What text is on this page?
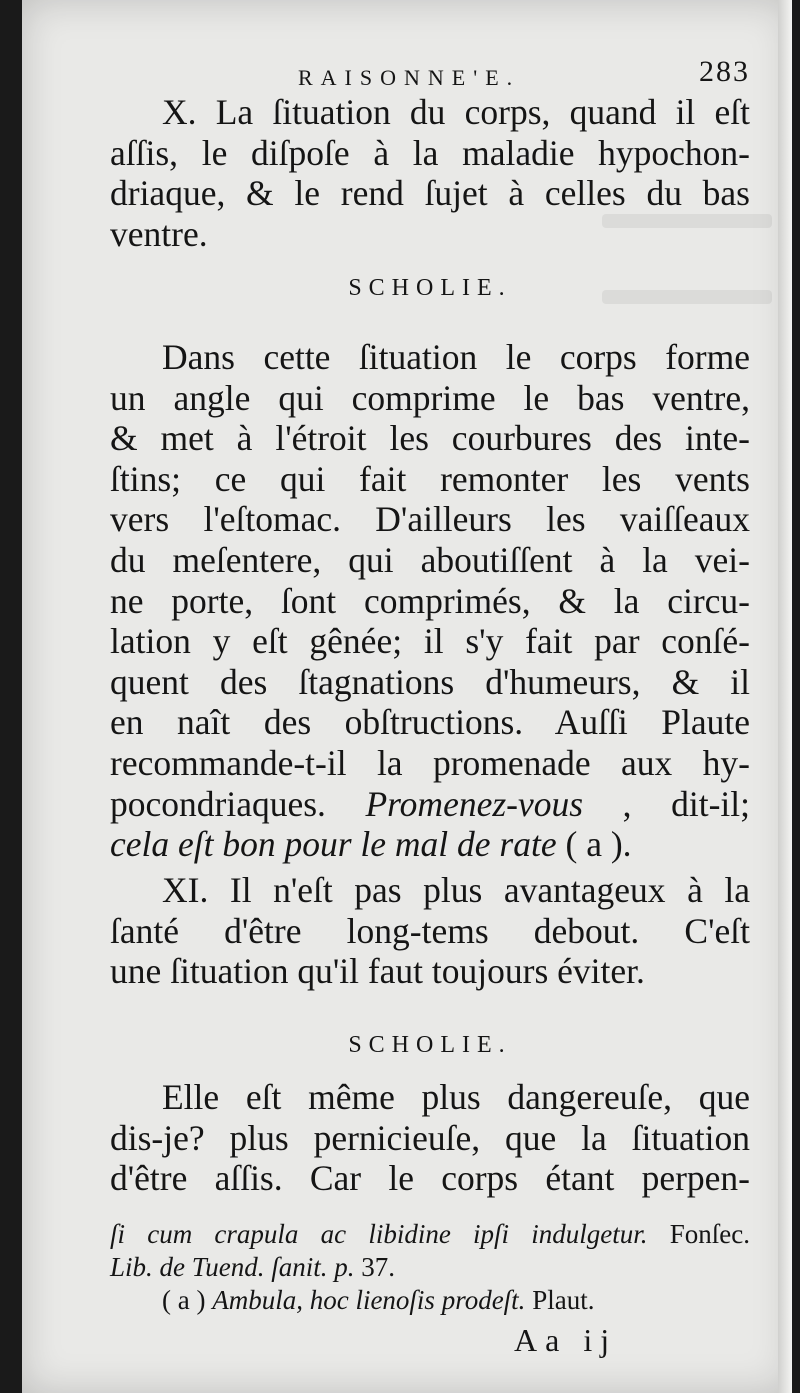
RAISONNE'E.	283
X. La ſituation du corps, quand il eſt
aſſis, le diſpoſe à la maladie hypochon-
driaque, & le rend ſujet à celles du bas
ventre.
SCHOLIE.
Dans cette ſituation le corps forme
un angle qui comprime le bas ventre,
& met à l'étroit les courbures des inte-
ſtins; ce qui fait remonter les vents
vers l'eſtomac. D'ailleurs les vaiſſeaux
du meſentere, qui aboutiſſent à la vei-
ne porte, ſont comprimés, & la circu-
lation y eſt gênée; il s'y fait par conſé-
quent des ſtagnations d'humeurs, & il
en naît des obſtructions. Auſſi Plaute
recommande-t-il la promenade aux hy-
pocondriaques. Promenez-vous , dit-il;
cela eſt bon pour le mal de rate ( a ).
XI. Il n'eſt pas plus avantageux à la
ſanté d'être long-tems debout. C'eſt
une ſituation qu'il faut toujours éviter.
SCHOLIE.
Elle eſt même plus dangereuſe, que
dis-je? plus pernicieuſe, que la ſituation
d'être aſſis. Car le corps étant perpen-
ſi cum crapula ac libidine ipſi indulgetur. Fonſec.
Lib. de Tuend. ſanit. p. 37.
( a ) Ambula, hoc lienoſis prodeſt. Plaut.
Aa ij
